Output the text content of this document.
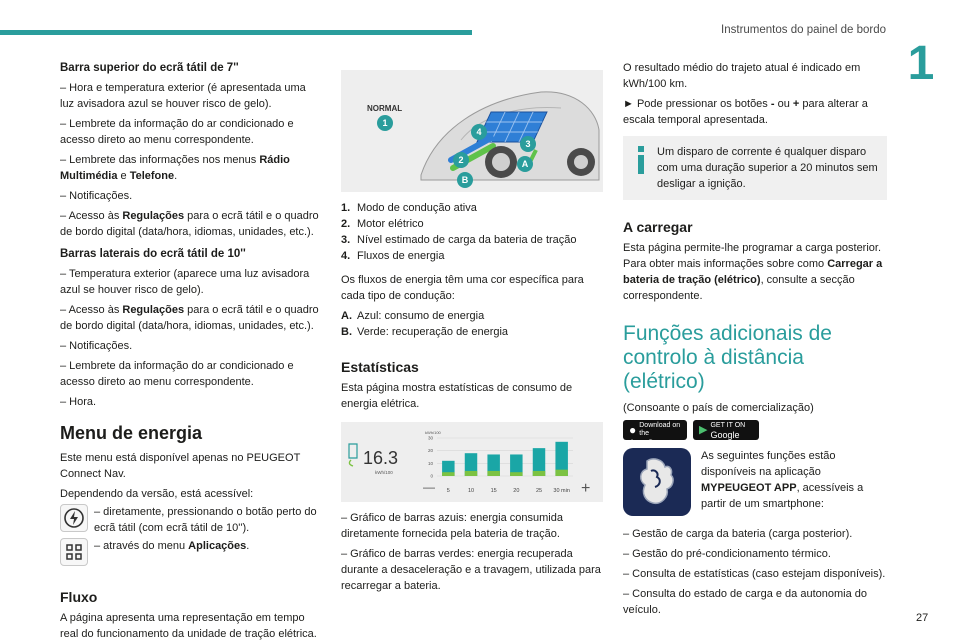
Instrumentos do painel de bordo
1
27
Barra superior do ecrã tátil de 7''

– Hora e temperatura exterior (é apresentada uma luz avisadora azul se houver risco de gelo).

– Lembrete da informação do ar condicionado e acesso direto ao menu correspondente.

– Lembrete das informações nos menus Rádio Multimédia e Telefone.

– Notificações.

– Acesso às Regulações para o ecrã tátil e o quadro de bordo digital (data/hora, idiomas, unidades, etc.).

Barras laterais do ecrã tátil de 10''

– Temperatura exterior (aparece uma luz avisadora azul se houver risco de gelo).

– Acesso às Regulações para o ecrã tátil e o quadro de bordo digital (data/hora, idiomas, unidades, etc.).

– Notificações.

– Lembrete da informação do ar condicionado e acesso direto ao menu correspondente.

– Hora.

Menu de energia

Este menu está disponível apenas no PEUGEOT Connect Nav.

Dependendo da versão, está acessível:

– diretamente, pressionando o botão perto do ecrã tátil (com ecrã tátil de 10'').
– através do menu Aplicações.
Fluxo

A página apresenta uma representação em tempo real do funcionamento da unidade de tração elétrica.

NORMAL
1
2
3
4
A
B
1. Modo de condução ativa
2. Motor elétrico
3. Nível estimado de carga da bateria de tração
4. Fluxos de energia

Os fluxos de energia têm uma cor específica para cada tipo de condução:

A. Azul: consumo de energia
B. Verde: recuperação de energia
Estatísticas

Esta página mostra estatísticas de consumo de energia elétrica.

16.3
kWh/100
kWh/100
30
20
10
0
5	10	15	20	25 30 min
—	+

– Gráfico de barras azuis: energia consumida diretamente fornecida pela bateria de tração.

– Gráfico de barras verdes: energia recuperada durante a desaceleração e a travagem, utilizada para recarregar a bateria.

O resultado médio do trajeto atual é indicado em kWh/100 km.

► Pode pressionar os botões - ou + para alterar a escala temporal apresentada.

Um disparo de corrente é qualquer disparo com uma duração superior a 20 minutos sem desligar a ignição.
A carregar

Esta página permite-lhe programar a carga posterior. Para obter mais informações sobre como Carregar a bateria de tração (elétrico), consulte a secção correspondente.

Funções adicionais de controlo à distância (elétrico)

(Consoante o país de comercialização)

● Download on the
App Store
▶ GET IT ON
Google Play
As seguintes funções estão disponíveis na aplicação MYPEUGEOT APP, acessíveis a partir de um smartphone:

– Gestão de carga da bateria (carga posterior).

– Gestão do pré-condicionamento térmico.

– Consulta de estatísticas (caso estejam disponíveis).

– Consulta do estado de carga e da autonomia do veículo.
